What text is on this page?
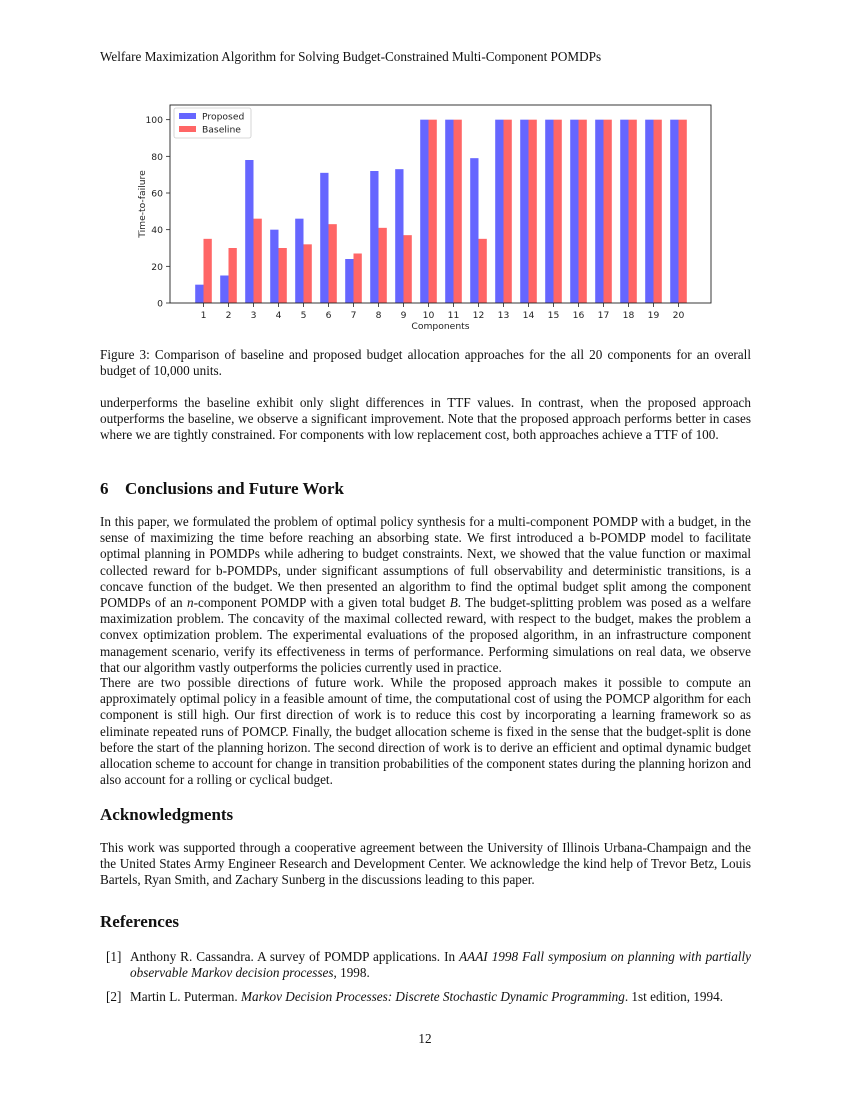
Welfare Maximization Algorithm for Solving Budget-Constrained Multi-Component POMDPs
0
20
40
60
80
100
1 2 3 4 5 6 7 8 9 10 11 12 13 14 15 16 17 18 19 20
Components
Time-to-failure
Proposed
Baseline
Figure 3: Comparison of baseline and proposed budget allocation approaches for the all 20 components for an overall budget of 10,000 units.
underperforms the baseline exhibit only slight differences in TTF values. In contrast, when the proposed approach outperforms the baseline, we observe a significant improvement. Note that the proposed approach performs better in cases where we are tightly constrained. For components with low replacement cost, both approaches achieve a TTF of 100.
6 Conclusions and Future Work
In this paper, we formulated the problem of optimal policy synthesis for a multi-component POMDP with a budget, in the sense of maximizing the time before reaching an absorbing state. We first introduced a b-POMDP model to facilitate optimal planning in POMDPs while adhering to budget constraints. Next, we showed that the value function or maximal collected reward for b-POMDPs, under significant assumptions of full observability and deterministic transitions, is a concave function of the budget. We then presented an algorithm to find the optimal budget split among the component POMDPs of an n-component POMDP with a given total budget B. The budget-splitting problem was posed as a welfare maximization problem. The concavity of the maximal collected reward, with respect to the budget, makes the problem a convex optimization problem. The experimental evaluations of the proposed algorithm, in an infrastructure component management scenario, verify its effectiveness in terms of performance. Performing simulations on real data, we observe that our algorithm vastly outperforms the policies currently used in practice.
There are two possible directions of future work. While the proposed approach makes it possible to compute an approximately optimal policy in a feasible amount of time, the computational cost of using the POMCP algorithm for each component is still high. Our first direction of work is to reduce this cost by incorporating a learning framework so as eliminate repeated runs of POMCP. Finally, the budget allocation scheme is fixed in the sense that the budget-split is done before the start of the planning horizon. The second direction of work is to derive an efficient and optimal dynamic budget allocation scheme to account for change in transition probabilities of the component states during the planning horizon and also account for a rolling or cyclical budget.
Acknowledgments
This work was supported through a cooperative agreement between the University of Illinois Urbana-Champaign and the the United States Army Engineer Research and Development Center. We acknowledge the kind help of Trevor Betz, Louis Bartels, Ryan Smith, and Zachary Sunberg in the discussions leading to this paper.
References
[1] Anthony R. Cassandra. A survey of POMDP applications. In AAAI 1998 Fall symposium on planning with partially observable Markov decision processes, 1998.
[2] Martin L. Puterman. Markov Decision Processes: Discrete Stochastic Dynamic Programming. 1st edition, 1994.
12
